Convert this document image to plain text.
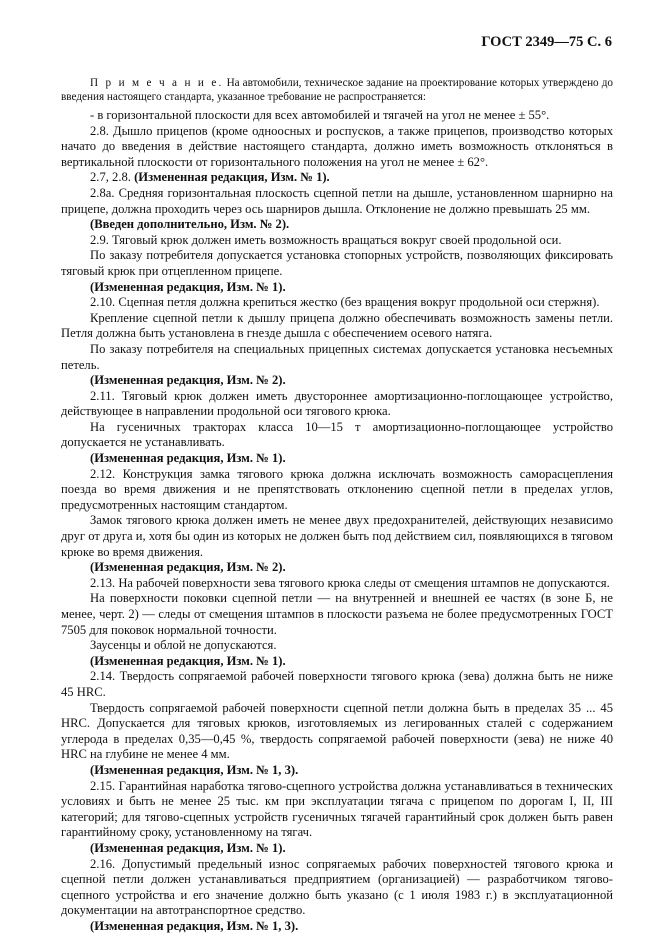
ГОСТ 2349—75 С. 6

П р и м е ч а н и е. На автомобили, техническое задание на проектирование которых утверждено до введения настоящего стандарта, указанное требование не распространяется:

- в горизонтальной плоскости для всех автомобилей и тягачей на угол не менее ± 55°.

2.8. Дышло прицепов (кроме одноосных и роспусков, а также прицепов, производство которых начато до введения в действие настоящего стандарта, должно иметь возможность отклоняться в вертикальной плоскости от горизонтального положения на угол не менее ± 62°.

2.7, 2.8. (Измененная редакция, Изм. № 1).

2.8а. Средняя горизонтальная плоскость сцепной петли на дышле, установленном шарнирно на прицепе, должна проходить через ось шарниров дышла. Отклонение не должно превышать 25 мм.

(Введен дополнительно, Изм. № 2).

2.9. Тяговый крюк должен иметь возможность вращаться вокруг своей продольной оси.

По заказу потребителя допускается установка стопорных устройств, позволяющих фиксировать тяговый крюк при отцепленном прицепе.

(Измененная редакция, Изм. № 1).

2.10. Сцепная петля должна крепиться жестко (без вращения вокруг продольной оси стержня).

Крепление сцепной петли к дышлу прицепа должно обеспечивать возможность замены петли. Петля должна быть установлена в гнезде дышла с обеспечением осевого натяга.

По заказу потребителя на специальных прицепных системах допускается установка несъемных петель.

(Измененная редакция, Изм. № 2).

2.11. Тяговый крюк должен иметь двустороннее амортизационно-поглощающее устройство, действующее в направлении продольной оси тягового крюка.

На гусеничных тракторах класса 10—15 т амортизационно-поглощающее устройство допускается не устанавливать.

(Измененная редакция, Изм. № 1).

2.12. Конструкция замка тягового крюка должна исключать возможность саморасцепления поезда во время движения и не препятствовать отклонению сцепной петли в пределах углов, предусмотренных настоящим стандартом.

Замок тягового крюка должен иметь не менее двух предохранителей, действующих независимо друг от друга и, хотя бы один из которых не должен быть под действием сил, появляющихся в тяговом крюке во время движения.

(Измененная редакция, Изм. № 2).

2.13. На рабочей поверхности зева тягового крюка следы от смещения штампов не допускаются.

На поверхности поковки сцепной петли — на внутренней и внешней ее частях (в зоне Б, не менее, черт. 2) — следы от смещения штампов в плоскости разъема не более предусмотренных ГОСТ 7505 для поковок нормальной точности.

Заусенцы и облой не допускаются.

(Измененная редакция, Изм. № 1).

2.14. Твердость сопрягаемой рабочей поверхности тягового крюка (зева) должна быть не ниже 45 HRC.

Твердость сопрягаемой рабочей поверхности сцепной петли должна быть в пределах 35 ... 45 HRC. Допускается для тяговых крюков, изготовляемых из легированных сталей с содержанием углерода в пределах 0,35—0,45 %, твердость сопрягаемой рабочей поверхности (зева) не ниже 40 HRC на глубине не менее 4 мм.

(Измененная редакция, Изм. № 1, 3).

2.15. Гарантийная наработка тягово-сцепного устройства должна устанавливаться в технических условиях и быть не менее 25 тыс. км при эксплуатации тягача с прицепом по дорогам I, II, III категорий; для тягово-сцепных устройств гусеничных тягачей гарантийный срок должен быть равен гарантийному сроку, установленному на тягач.

(Измененная редакция, Изм. № 1).

2.16. Допустимый предельный износ сопрягаемых рабочих поверхностей тягового крюка и сцепной петли должен устанавливаться предприятием (организацией) — разработчиком тягово-сцепного устройства и его значение должно быть указано (с 1 июля 1983 г.) в эксплуатационной документации на автотранспортное средство.

(Измененная редакция, Изм. № 1, 3).
